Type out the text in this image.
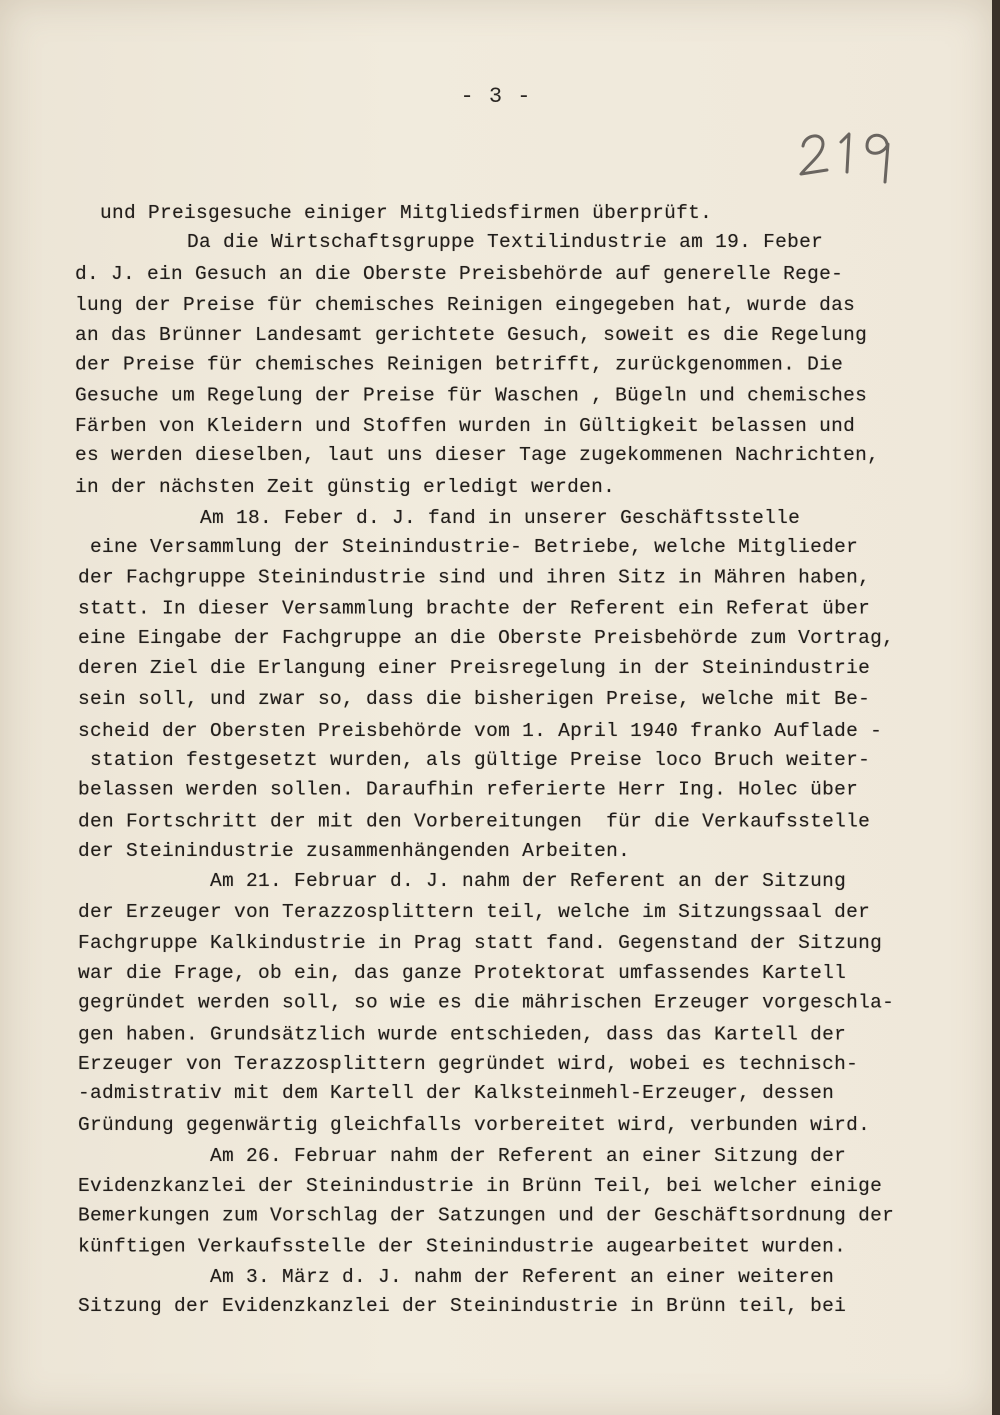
- 3 -
und Preisgesuche einiger Mitgliedsfirmen überprüft.
Da die Wirtschaftsgruppe Textilindustrie am 19. Feber
d. J. ein Gesuch an die Oberste Preisbehörde auf generelle Rege-
lung der Preise für chemisches Reinigen eingegeben hat, wurde das
an das Brünner Landesamt gerichtete Gesuch, soweit es die Regelung
der Preise für chemisches Reinigen betrifft, zurückgenommen. Die
Gesuche um Regelung der Preise für Waschen , Bügeln und chemisches
Färben von Kleidern und Stoffen wurden in Gültigkeit belassen und
es werden dieselben, laut uns dieser Tage zugekommenen Nachrichten,
in der nächsten Zeit günstig erledigt werden.
Am 18. Feber d. J. fand in unserer Geschäftsstelle
eine Versammlung der Steinindustrie- Betriebe, welche Mitglieder
der Fachgruppe Steinindustrie sind und ihren Sitz in Mähren haben,
statt. In dieser Versammlung brachte der Referent ein Referat über
eine Eingabe der Fachgruppe an die Oberste Preisbehörde zum Vortrag,
deren Ziel die Erlangung einer Preisregelung in der Steinindustrie
sein soll, und zwar so, dass die bisherigen Preise, welche mit Be-
scheid der Obersten Preisbehörde vom 1. April 1940 franko Auflade -
station festgesetzt wurden, als gültige Preise loco Bruch weiter-
belassen werden sollen. Daraufhin referierte Herr Ing. Holec über
den Fortschritt der mit den Vorbereitungen  für die Verkaufsstelle
der Steinindustrie zusammenhängenden Arbeiten.
Am 21. Februar d. J. nahm der Referent an der Sitzung
der Erzeuger von Terazzosplittern teil, welche im Sitzungssaal der
Fachgruppe Kalkindustrie in Prag statt fand. Gegenstand der Sitzung
war die Frage, ob ein, das ganze Protektorat umfassendes Kartell
gegründet werden soll, so wie es die mährischen Erzeuger vorgeschla-
gen haben. Grundsätzlich wurde entschieden, dass das Kartell der
Erzeuger von Terazzosplittern gegründet wird, wobei es technisch-
-admistrativ mit dem Kartell der Kalksteinmehl-Erzeuger, dessen
Gründung gegenwärtig gleichfalls vorbereitet wird, verbunden wird.
Am 26. Februar nahm der Referent an einer Sitzung der
Evidenzkanzlei der Steinindustrie in Brünn Teil, bei welcher einige
Bemerkungen zum Vorschlag der Satzungen und der Geschäftsordnung der
künftigen Verkaufsstelle der Steinindustrie augearbeitet wurden.
Am 3. März d. J. nahm der Referent an einer weiteren
Sitzung der Evidenzkanzlei der Steinindustrie in Brünn teil, bei
